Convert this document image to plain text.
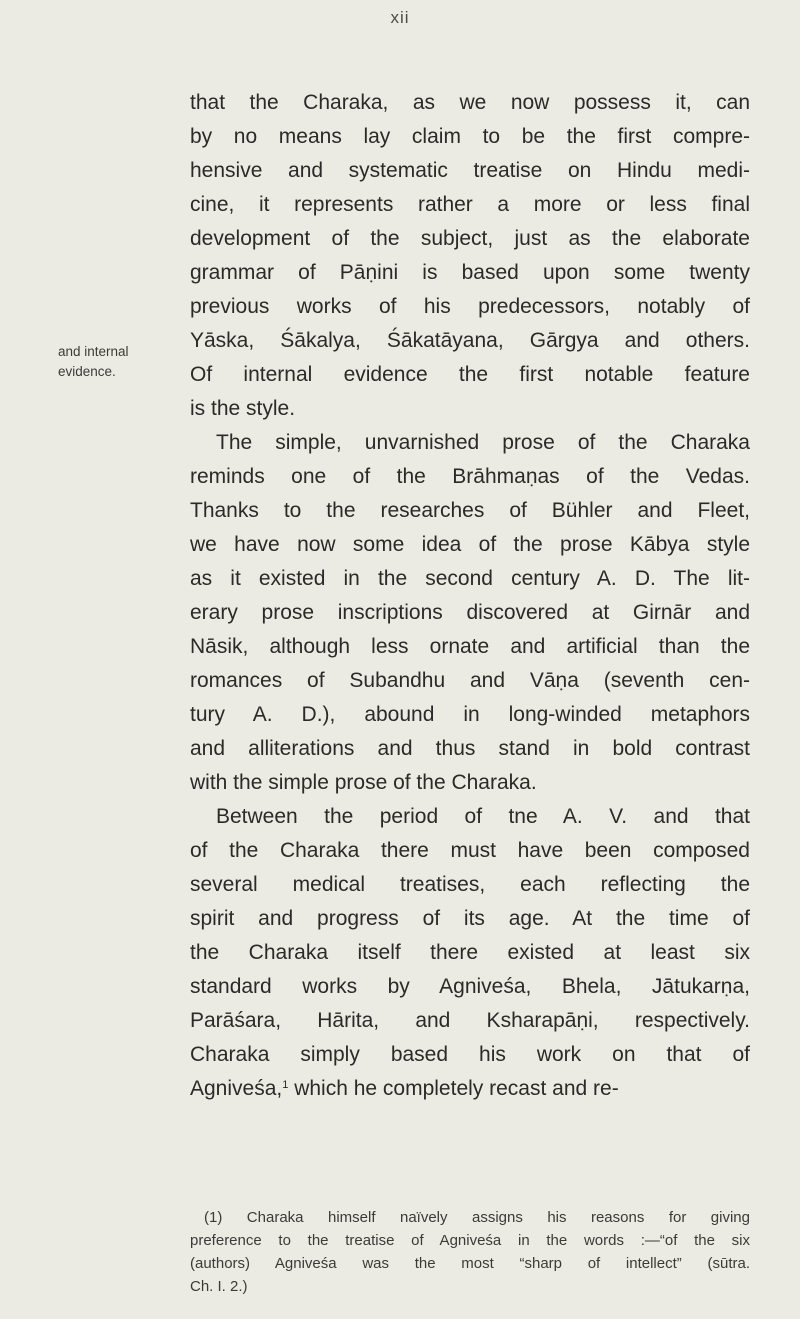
xii
and internal
evidence.
that the Charaka, as we now possess it, can
by no means lay claim to be the first compre-
hensive and systematic treatise on Hindu medi-
cine, it represents rather a more or less final
development of the subject, just as the elaborate
grammar of Pāṇini is based upon some twenty
previous works of his predecessors, notably of
Yāska, Śākalya, Śākatāyana, Gārgya and others.
Of internal evidence the first notable feature
is the style.
The simple, unvarnished prose of the Charaka
reminds one of the Brāhmaṇas of the Vedas.
Thanks to the researches of Bühler and Fleet,
we have now some idea of the prose Kābya style
as it existed in the second century A. D. The lit-
erary prose inscriptions discovered at Girnār and
Nāsik, although less ornate and artificial than the
romances of Subandhu and Vāṇa (seventh cen-
tury A. D.), abound in long-winded metaphors
and alliterations and thus stand in bold contrast
with the simple prose of the Charaka.
Between the period of tne A. V. and that
of the Charaka there must have been composed
several medical treatises, each reflecting the
spirit and progress of its age. At the time of
the Charaka itself there existed at least six
standard works by Agniveśa, Bhela, Jātukarṇa,
Parāśara, Hārita, and Ksharapāṇi, respectively.
Charaka simply based his work on that of
Agniveśa,$^1$ which he completely recast and re-
(1) Charaka himself naïvely assigns his reasons for giving
preference to the treatise of Agniveśa in the words :—“of the six
(authors) Agniveśa was the most “sharp of intellect” (sūtra.
Ch. I. 2.)
